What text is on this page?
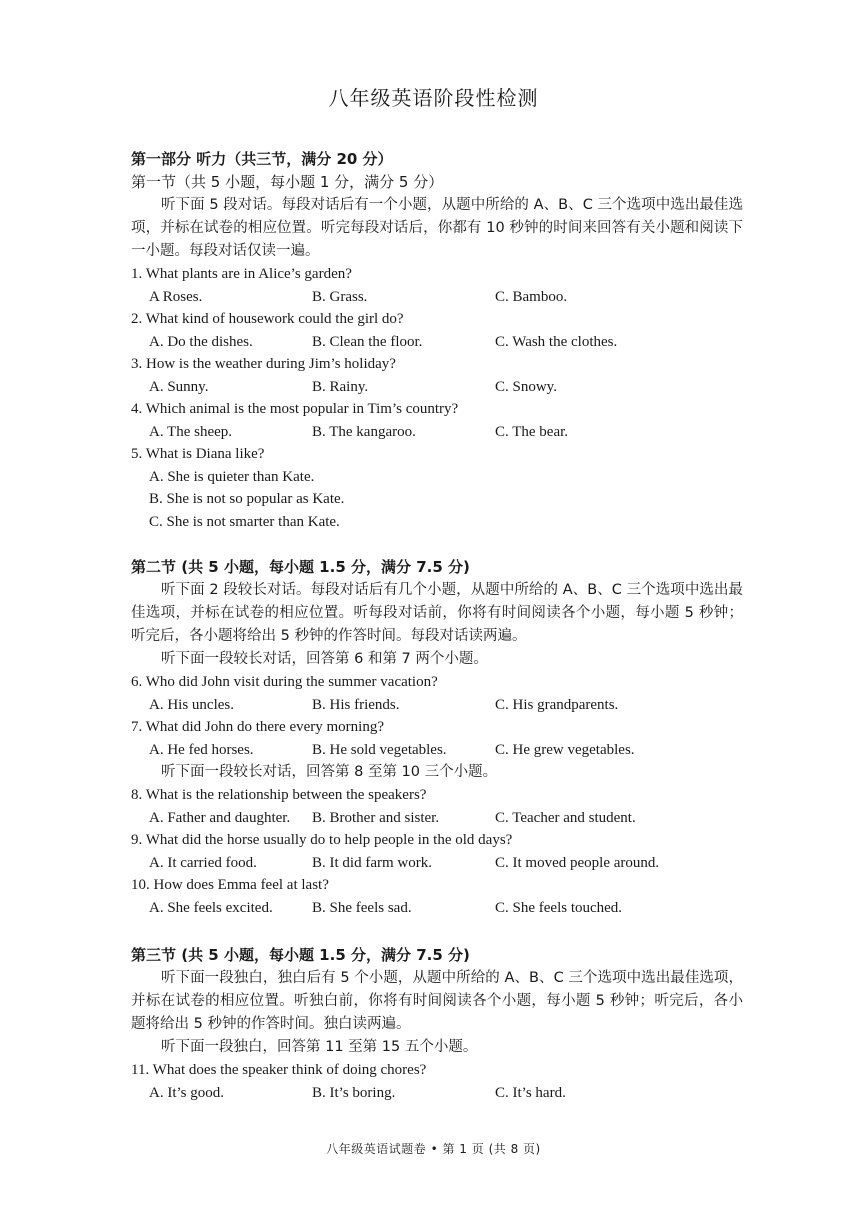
八年级英语阶段性检测
第一部分 听力（共三节，满分 20 分）
第一节（共 5 小题，每小题 1 分，满分 5 分）

听下面 5 段对话。每段对话后有一个小题，从题中所给的 A、B、C 三个选项中选出最佳选项，并标在试卷的相应位置。听完每段对话后，你都有 10 秒钟的时间来回答有关小题和阅读下一小题。每段对话仅读一遍。

1. What plants are in Alice’s garden?
A Roses.	B. Grass.	C. Bamboo.
2. What kind of housework could the girl do?
A. Do the dishes.	B. Clean the floor.	C. Wash the clothes.
3. How is the weather during Jim’s holiday?
A. Sunny.	B. Rainy.	C. Snowy.
4. Which animal is the most popular in Tim’s country?
A. The sheep.	B. The kangaroo.	C. The bear.
5. What is Diana like?
A. She is quieter than Kate.
B. She is not so popular as Kate.
C. She is not smarter than Kate.
第二节 (共 5 小题，每小题 1.5 分，满分 7.5 分)

听下面 2 段较长对话。每段对话后有几个小题，从题中所给的 A、B、C 三个选项中选出最佳选项，并标在试卷的相应位置。听每段对话前，你将有时间阅读各个小题，每小题 5 秒钟；听完后，各小题将给出 5 秒钟的作答时间。每段对话读两遍。

听下面一段较长对话，回答第 6 和第 7 两个小题。
6. Who did John visit during the summer vacation?
A. His uncles.	B. His friends.	C. His grandparents.
7. What did John do there every morning?
A. He fed horses.	B. He sold vegetables.	C. He grew vegetables.
听下面一段较长对话，回答第 8 至第 10 三个小题。
8. What is the relationship between the speakers?
A. Father and daughter.	B. Brother and sister.	C. Teacher and student.
9. What did the horse usually do to help people in the old days?
A. It carried food.	B. It did farm work.	C. It moved people around.
10. How does Emma feel at last?
A. She feels excited.	B. She feels sad.	C. She feels touched.
第三节 (共 5 小题，每小题 1.5 分，满分 7.5 分)

听下面一段独白，独白后有 5 个小题，从题中所给的 A、B、C 三个选项中选出最佳选项，并标在试卷的相应位置。听独白前，你将有时间阅读各个小题，每小题 5 秒钟；听完后，各小题将给出 5 秒钟的作答时间。独白读两遍。

听下面一段独白，回答第 11 至第 15 五个小题。
11. What does the speaker think of doing chores?
A. It’s good.	B. It’s boring.	C. It’s hard.
八年级英语试题卷 • 第 1 页 (共 8 页)
